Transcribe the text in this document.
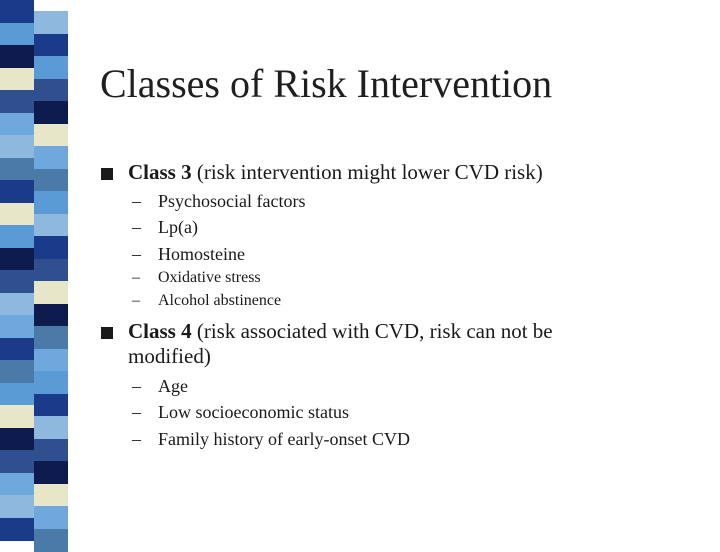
Classes of Risk Intervention
Class 3 (risk intervention might lower CVD risk)
– Psychosocial factors
– Lp(a)
– Homosteine
– Oxidative stress
– Alcohol abstinence
Class 4 (risk associated with CVD, risk can not be
modified)
– Age
– Low socioeconomic status
– Family history of early-onset CVD
